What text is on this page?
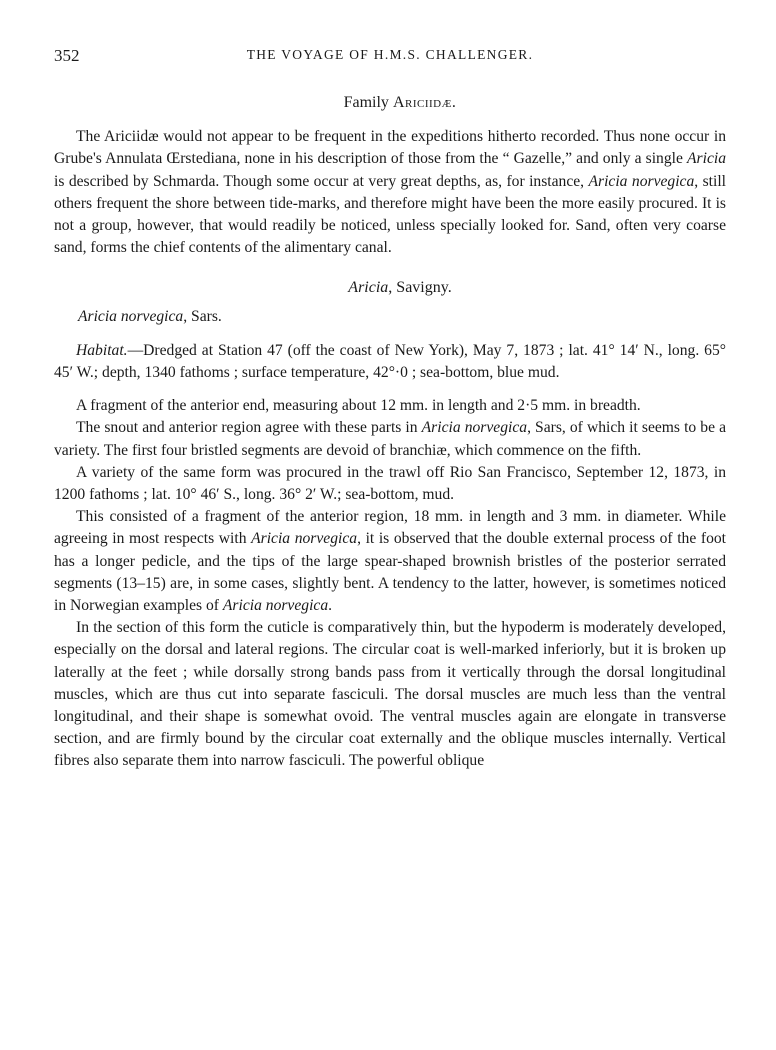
352	THE VOYAGE OF H.M.S. CHALLENGER.
Family Ariciidæ.

The Ariciidæ would not appear to be frequent in the expeditions hitherto recorded. Thus none occur in Grube's Annulata Œrstediana, none in his description of those from the “ Gazelle,” and only a single Aricia is described by Schmarda. Though some occur at very great depths, as, for instance, Aricia norvegica, still others frequent the shore between tide-marks, and therefore might have been the more easily procured. It is not a group, however, that would readily be noticed, unless specially looked for. Sand, often very coarse sand, forms the chief contents of the alimentary canal.

Aricia, Savigny.
Aricia norvegica, Sars.

Habitat.—Dredged at Station 47 (off the coast of New York), May 7, 1873 ; lat. 41° 14′ N., long. 65° 45′ W.; depth, 1340 fathoms ; surface temperature, 42°·0 ; sea-bottom, blue mud.

A fragment of the anterior end, measuring about 12 mm. in length and 2·5 mm. in breadth.

The snout and anterior region agree with these parts in Aricia norvegica, Sars, of which it seems to be a variety. The first four bristled segments are devoid of branchiæ, which commence on the fifth.

A variety of the same form was procured in the trawl off Rio San Francisco, September 12, 1873, in 1200 fathoms ; lat. 10° 46′ S., long. 36° 2′ W.; sea-bottom, mud.

This consisted of a fragment of the anterior region, 18 mm. in length and 3 mm. in diameter. While agreeing in most respects with Aricia norvegica, it is observed that the double external process of the foot has a longer pedicle, and the tips of the large spear-shaped brownish bristles of the posterior serrated segments (13–15) are, in some cases, slightly bent. A tendency to the latter, however, is sometimes noticed in Norwegian examples of Aricia norvegica.

In the section of this form the cuticle is comparatively thin, but the hypoderm is moderately developed, especially on the dorsal and lateral regions. The circular coat is well-marked inferiorly, but it is broken up laterally at the feet ; while dorsally strong bands pass from it vertically through the dorsal longitudinal muscles, which are thus cut into separate fasciculi. The dorsal muscles are much less than the ventral longitudinal, and their shape is somewhat ovoid. The ventral muscles again are elongate in transverse section, and are firmly bound by the circular coat externally and the oblique muscles internally. Vertical fibres also separate them into narrow fasciculi. The powerful oblique
